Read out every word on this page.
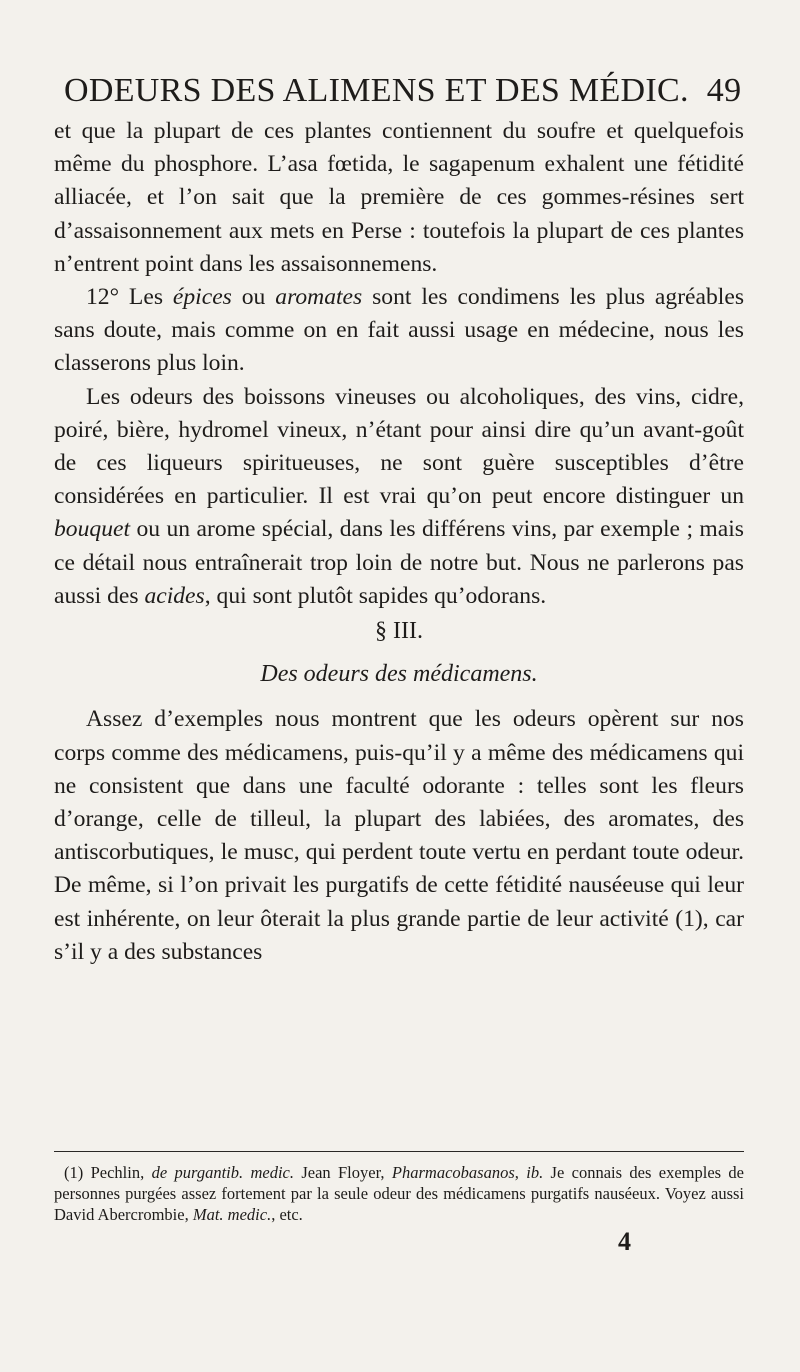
ODEURS DES ALIMENS ET DES MÉDIC. 49

et que la plupart de ces plantes contiennent du soufre et quelquefois même du phosphore. L’asa fœtida, le sagapenum exhalent une fétidité alliacée, et l’on sait que la première de ces gommes-résines sert d’assaisonnement aux mets en Perse : toutefois la plupart de ces plantes n’entrent point dans les assaisonnemens.

12° Les épices ou aromates sont les condimens les plus agréables sans doute, mais comme on en fait aussi usage en médecine, nous les classerons plus loin.

Les odeurs des boissons vineuses ou alcoholiques, des vins, cidre, poiré, bière, hydromel vineux, n’étant pour ainsi dire qu’un avant-goût de ces liqueurs spiritueuses, ne sont guère susceptibles d’être considérées en particulier. Il est vrai qu’on peut encore distinguer un bouquet ou un arome spécial, dans les différens vins, par exemple ; mais ce détail nous entraînerait trop loin de notre but. Nous ne parlerons pas aussi des acides, qui sont plutôt sapides qu’odorans.

§ III.
Des odeurs des médicamens.

Assez d’exemples nous montrent que les odeurs opèrent sur nos corps comme des médicamens, puis-qu’il y a même des médicamens qui ne consistent que dans une faculté odorante : telles sont les fleurs d’orange, celle de tilleul, la plupart des labiées, des aromates, des antiscorbutiques, le musc, qui perdent toute vertu en perdant toute odeur. De même, si l’on privait les purgatifs de cette fétidité nauséeuse qui leur est inhérente, on leur ôterait la plus grande partie de leur activité (1), car s’il y a des substances

(1) Pechlin, de purgantib. medic. Jean Floyer, Pharmacobasanos, ib. Je connais des exemples de personnes purgées assez fortement par la seule odeur des médicamens purgatifs nauséeux. Voyez aussi David Abercrombie, Mat. medic., etc.

4
